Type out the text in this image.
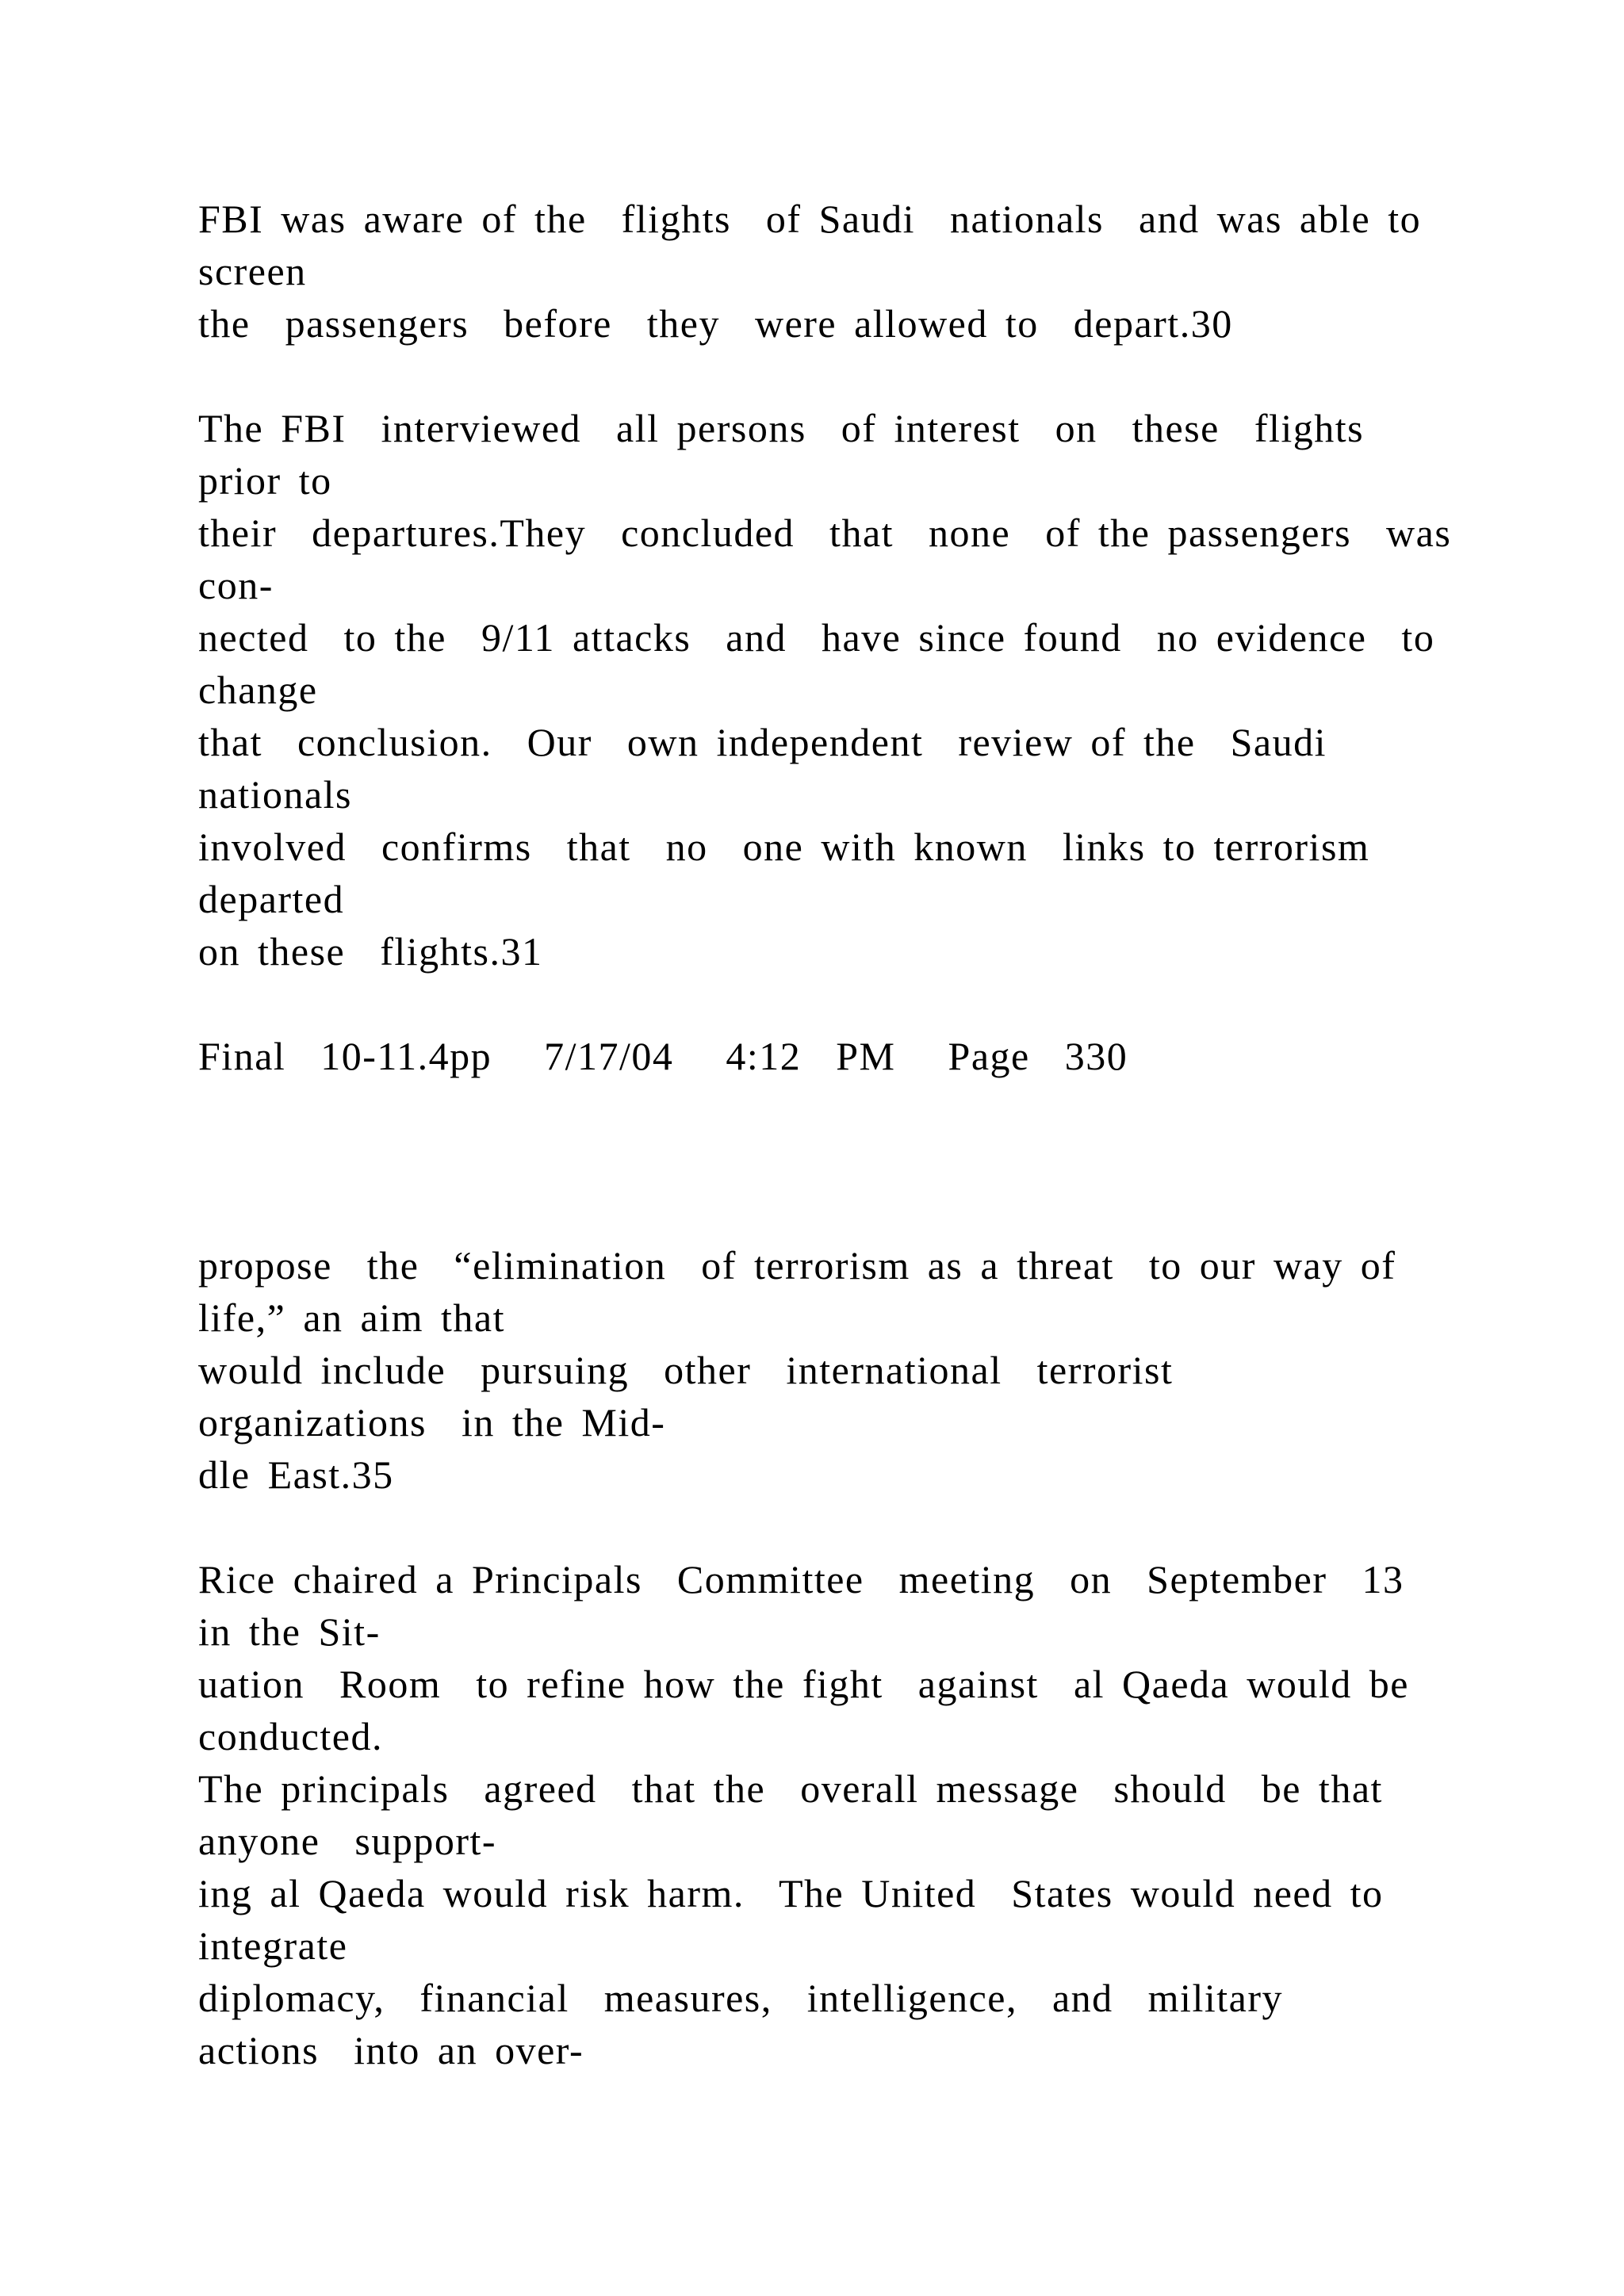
FBI was aware of the  flights  of Saudi  nationals  and was able to

screen

the  passengers  before  they  were allowed to  depart.30

The FBI  interviewed  all persons  of interest  on  these  flights

prior to

their  departures.They  concluded  that  none  of the passengers  was

con-

nected  to the  9/11 attacks  and  have since found  no evidence  to

change

that  conclusion.  Our  own independent  review of the  Saudi

nationals

involved  confirms  that  no  one with known  links to terrorism

departed

on these  flights.31

Final  10-11.4pp   7/17/04   4:12  PM   Page  330

propose  the  “elimination  of terrorism as a threat  to our way of

life,” an aim that

would include  pursuing  other  international  terrorist

organizations  in the Mid-

dle East.35

Rice chaired a Principals  Committee  meeting  on  September  13

in the Sit-

uation  Room  to refine how the fight  against  al Qaeda would be

conducted.

The principals  agreed  that the  overall message  should  be that

anyone  support-

ing al Qaeda would risk harm.  The United  States would need to

integrate

diplomacy,  financial  measures,  intelligence,  and  military

actions  into an over-
